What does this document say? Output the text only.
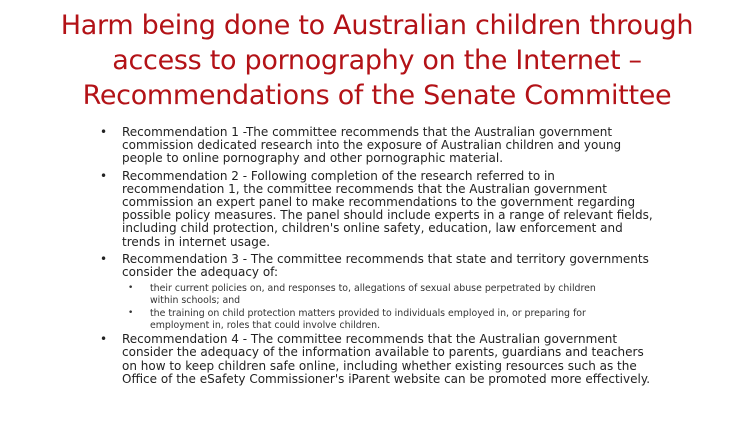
Harm being done to Australian children through
access to pornography on the Internet –
Recommendations of the Senate Committee
• Recommendation 1 -The committee recommends that the Australian government
commission dedicated research into the exposure of Australian children and young
people to online pornography and other pornographic material.
• Recommendation 2 - Following completion of the research referred to in
recommendation 1, the committee recommends that the Australian government
commission an expert panel to make recommendations to the government regarding
possible policy measures. The panel should include experts in a range of relevant fields,
including child protection, children's online safety, education, law enforcement and
trends in internet usage.
• Recommendation 3 - The committee recommends that state and territory governments
consider the adequacy of:
• their current policies on, and responses to, allegations of sexual abuse perpetrated by children
within schools; and
• the training on child protection matters provided to individuals employed in, or preparing for
employment in, roles that could involve children.
• Recommendation 4 - The committee recommends that the Australian government
consider the adequacy of the information available to parents, guardians and teachers
on how to keep children safe online, including whether existing resources such as the
Office of the eSafety Commissioner's iParent website can be promoted more effectively.
